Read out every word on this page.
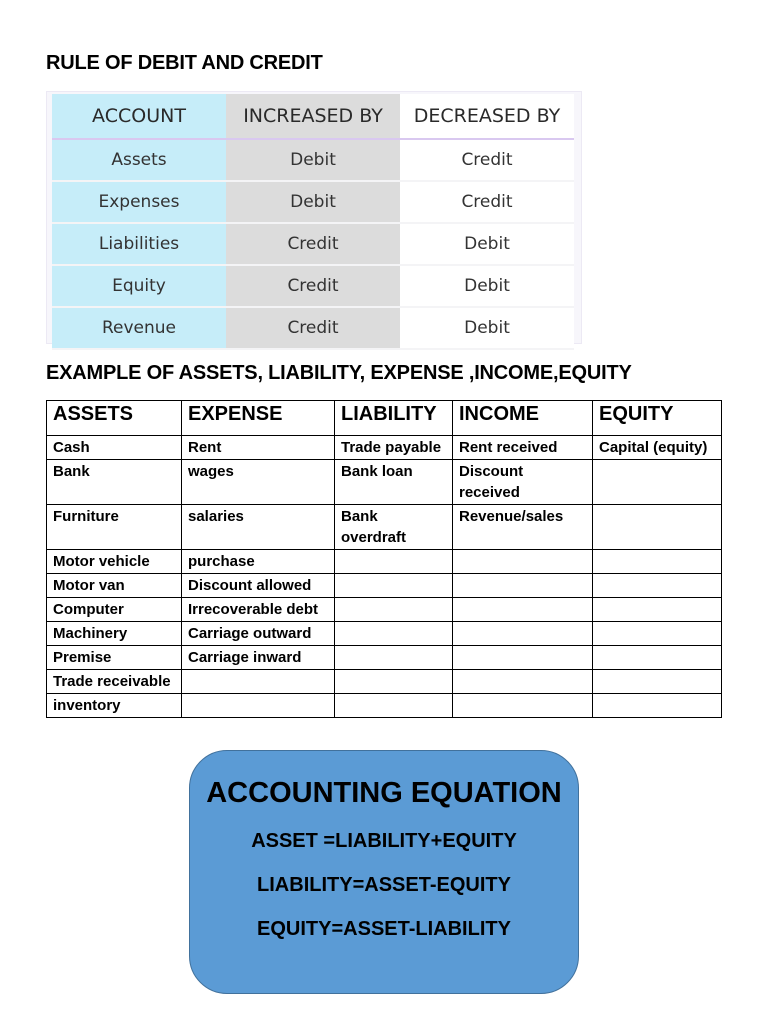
RULE OF DEBIT AND CREDIT
ACCOUNT	INCREASED BY	DECREASED BY
Assets	Debit	Credit
Expenses	Debit	Credit
Liabilities	Credit	Debit
Equity	Credit	Debit
Revenue	Credit	Debit
EXAMPLE OF ASSETS, LIABILITY, EXPENSE ,INCOME,EQUITY
ASSETS	EXPENSE	LIABILITY	INCOME	EQUITY
Cash	Rent	Trade payable	Rent received	Capital (equity)
Bank	wages	Bank loan	Discount received	
Furniture	salaries	Bank overdraft	Revenue/sales	
Motor vehicle	purchase			
Motor van	Discount allowed			
Computer	Irrecoverable debt			
Machinery	Carriage outward			
Premise	Carriage inward			
Trade receivable				
inventory				
ACCOUNTING EQUATION
ASSET =LIABILITY+EQUITY
LIABILITY=ASSET-EQUITY
EQUITY=ASSET-LIABILITY
